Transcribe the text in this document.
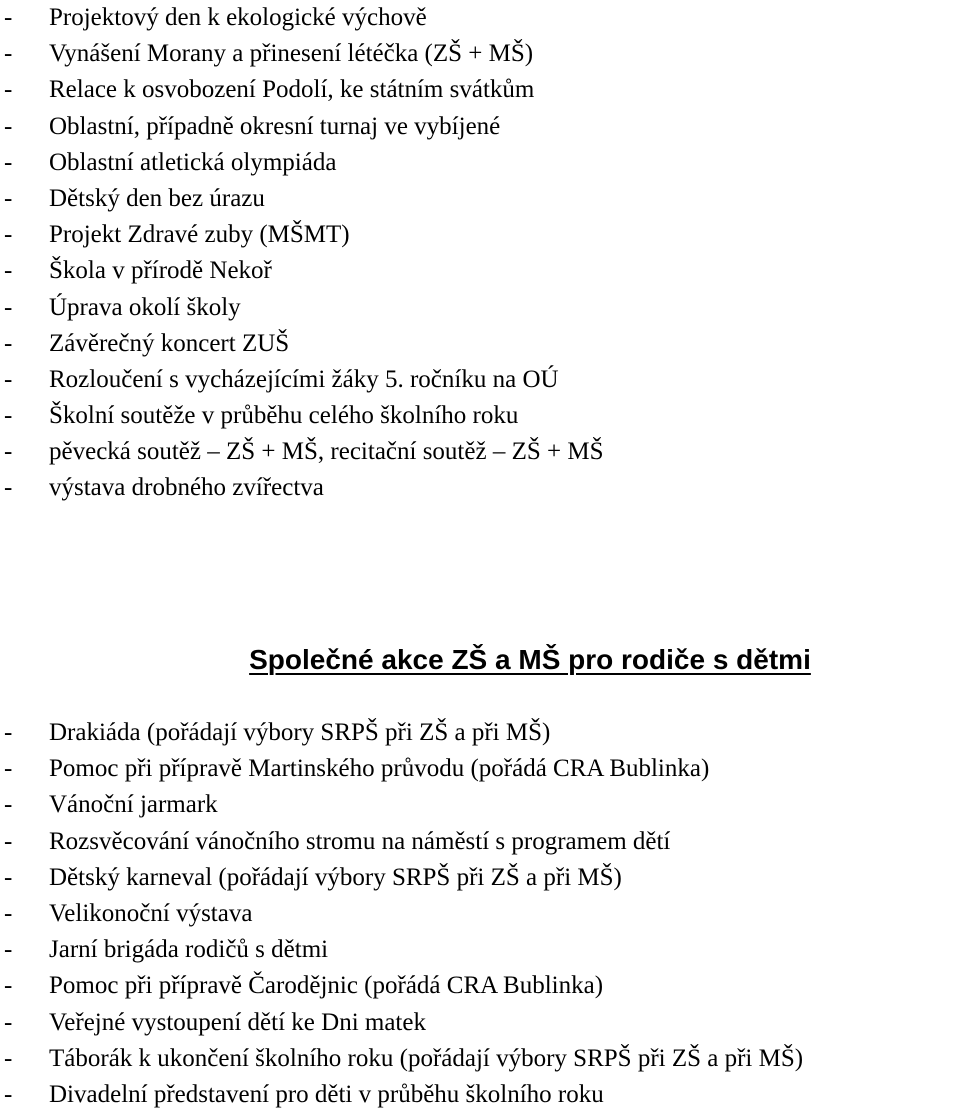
- Projektový den k ekologické výchově
- Vynášení Morany a přinesení létéčka (ZŠ + MŠ)
- Relace k osvobození Podolí, ke státním svátkům
- Oblastní, případně okresní turnaj ve vybíjené
- Oblastní atletická olympiáda
- Dětský den bez úrazu
- Projekt Zdravé zuby (MŠMT)
- Škola v přírodě Nekoř
- Úprava okolí školy
- Závěrečný koncert ZUŠ
- Rozloučení s vycházejícími žáky 5. ročníku na OÚ
- Školní soutěže v průběhu celého školního roku
- pěvecká soutěž – ZŠ + MŠ, recitační soutěž – ZŠ + MŠ
- výstava drobného zvířectva
Společné akce ZŠ a MŠ pro rodiče s dětmi
- Drakiáda (pořádají výbory SRPŠ při ZŠ a při MŠ)
- Pomoc při přípravě Martinského průvodu (pořádá CRA Bublinka)
- Vánoční jarmark
- Rozsvěcování vánočního stromu na náměstí s programem dětí
- Dětský karneval (pořádají výbory SRPŠ při ZŠ a při MŠ)
- Velikonoční výstava
- Jarní brigáda rodičů s dětmi
- Pomoc při přípravě Čarodějnic (pořádá CRA Bublinka)
- Veřejné vystoupení dětí ke Dni matek
- Táborák k ukončení školního roku (pořádají výbory SRPŠ při ZŠ a při MŠ)
- Divadelní představení pro děti v průběhu školního roku
